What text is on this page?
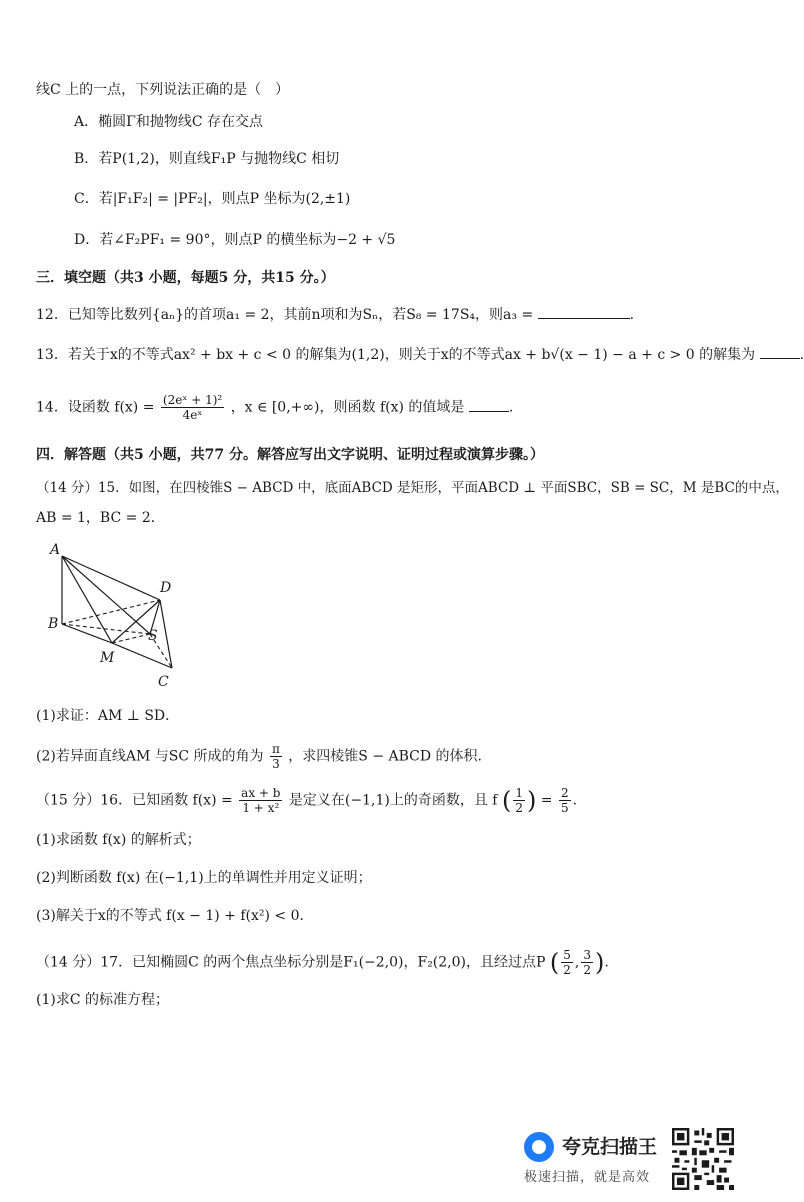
线C 上的一点，下列说法正确的是（　）
A．椭圆Γ和抛物线C 存在交点
B．若P(1,2)，则直线F₁P 与抛物线C 相切
C．若|F₁F₂| = |PF₂|，则点P 坐标为(2,±1)
D．若∠F₂PF₁ = 90°，则点P 的横坐标为−2 + √5
三．填空题（共3 小题，每题5 分，共15 分。）
12．已知等比数列{aₙ}的首项a₁ = 2，其前n项和为Sₙ，若S₈ = 17S₄，则a₃ =	.
13．若关于x的不等式ax² + bx + c < 0 的解集为(1,2)，则关于x的不等式ax + b√(x − 1) − a + c > 0 的解集为	.
14．设函数 $f(x) = \frac{\text{(2eˣ + 1)²}}{\text{4eˣ}}$ ，x ∈ [0,+∞)，则函数 f(x) 的值域是	.
四．解答题（共5 小题，共77 分。解答应写出文字说明、证明过程或演算步骤。）
（14 分）15．如图，在四棱锥S − ABCD 中，底面ABCD 是矩形，平面ABCD ⊥ 平面SBC，SB = SC，M 是BC的中点，
AB = 1，BC = 2．
A
B
M
S
D
C
(1)求证：AM ⊥ SD．
(2)若异面直线AM 与SC 所成的角为 $\frac{\pi}{3}$ ，求四棱锥S − ABCD 的体积.
（15 分）16．已知函数 $f(x) = \frac{ax + b}{\text{1 + x²}}$ 是定义在(−1,1)上的奇函数，且 f ( $\frac{1}{2}$ ) = $\frac{2}{5}$ .
(1)求函数 f(x) 的解析式；
(2)判断函数 f(x) 在(−1,1)上的单调性并用定义证明；
(3)解关于x的不等式 f(x − 1) + f(x²) < 0．
（14 分）17．已知椭圆C 的两个焦点坐标分别是F₁(−2,0)，F₂(2,0)，且经过点P ( $\frac{5}{2}$ , $\frac{3}{2}$ ).
(1)求C 的标准方程；
夸克扫描王
极速扫描，就是高效
